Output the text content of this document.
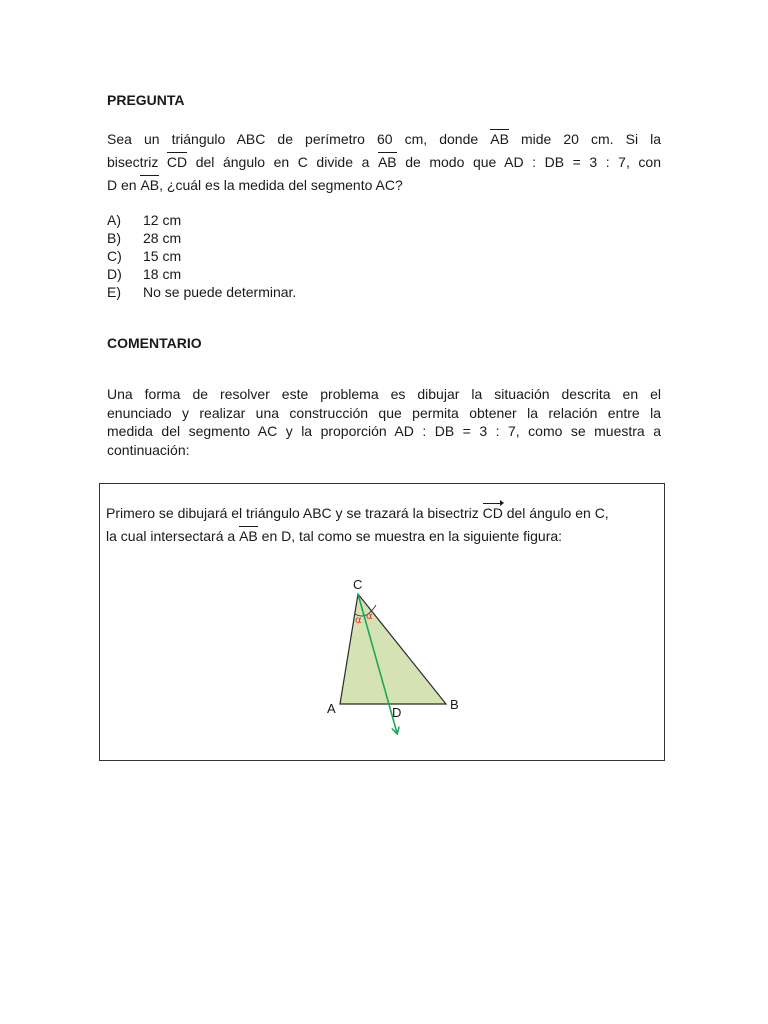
PREGUNTA
Sea un triángulo ABC de perímetro 60 cm, donde AB mide 20 cm. Si la
bisectriz CD del ángulo en C divide a AB de modo que AD : DB = 3 : 7, con
D en AB, ¿cuál es la medida del segmento AC?
A) 12 cm
B) 28 cm
C) 15 cm
D) 18 cm
E) No se puede determinar.
COMENTARIO
Una forma de resolver este problema es dibujar la situación descrita en el
enunciado y realizar una construcción que permita obtener la relación entre la
medida del segmento AC y la proporción AD : DB = 3 : 7, como se muestra a
continuación:
Primero se dibujará el triángulo ABC y se trazará la bisectriz CD del ángulo en C,
la cual intersectará a AB en D, tal como se muestra en la siguiente figura:
C
A	B
D
α α
